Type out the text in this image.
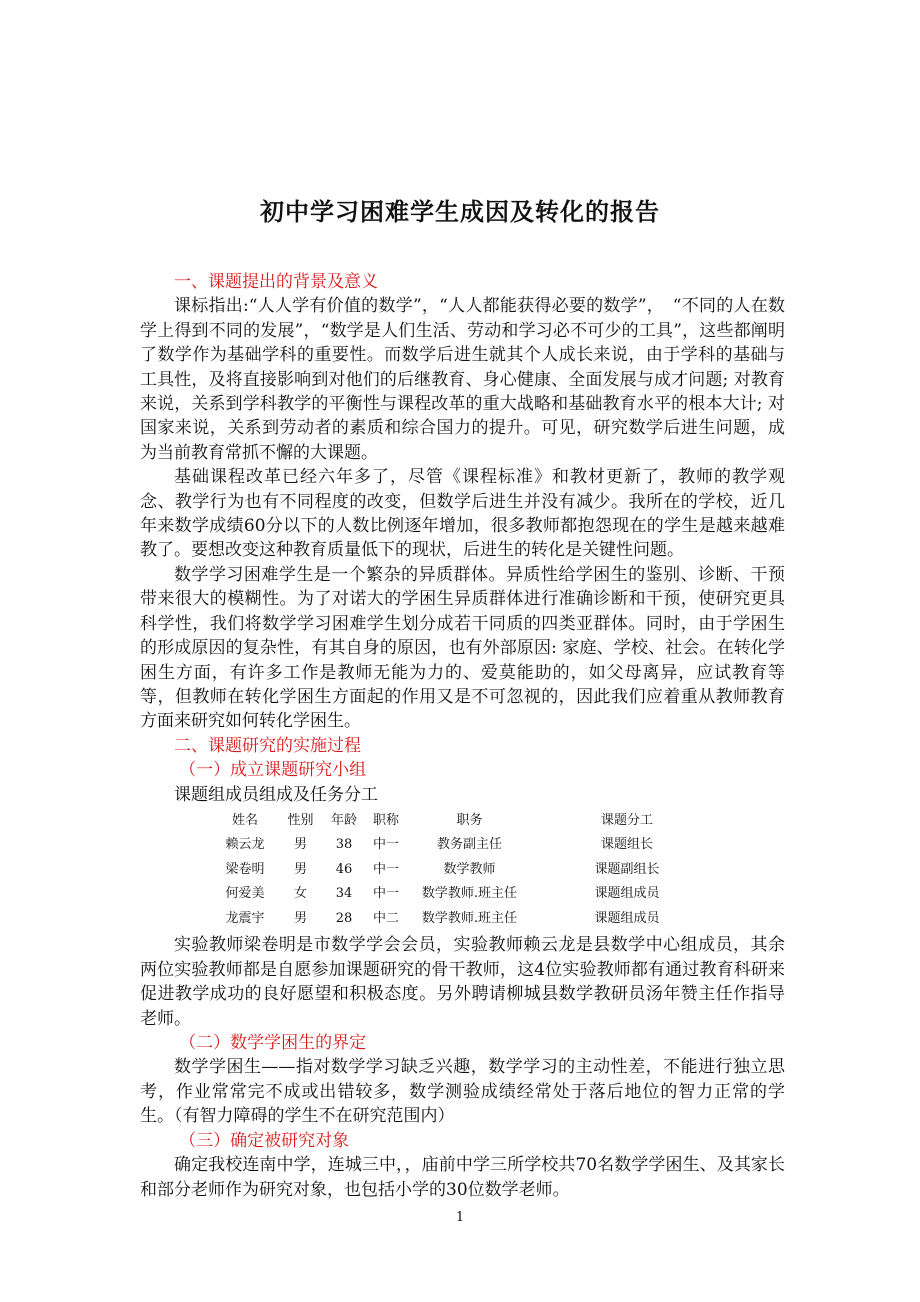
初中学习困难学生成因及转化的报告

一、课题提出的背景及意义

课标指出:“人人学有价值的数学”，“人人都能获得必要的数学”，　“不同的人在数学上得到不同的发展”，“数学是人们生活、劳动和学习必不可少的工具”，这些都阐明了数学作为基础学科的重要性。而数学后进生就其个人成长来说，由于学科的基础与工具性，及将直接影响到对他们的后继教育、身心健康、全面发展与成才问题; 对教育来说，关系到学科教学的平衡性与课程改革的重大战略和基础教育水平的根本大计; 对国家来说，关系到劳动者的素质和综合国力的提升。可见，研究数学后进生问题，成为当前教育常抓不懈的大课题。

基础课程改革已经六年多了，尽管《课程标准》和教材更新了，教师的教学观念、教学行为也有不同程度的改变，但数学后进生并没有减少。我所在的学校，近几年来数学成绩60分以下的人数比例逐年增加，很多教师都抱怨现在的学生是越来越难教了。要想改变这种教育质量低下的现状，后进生的转化是关键性问题。

数学学习困难学生是一个繁杂的异质群体。异质性给学困生的鉴别、诊断、干预带来很大的模糊性。为了对诺大的学困生异质群体进行准确诊断和干预，使研究更具科学性，我们将数学学习困难学生划分成若干同质的四类亚群体。同时，由于学困生的形成原因的复杂性，有其自身的原因，也有外部原因: 家庭、学校、社会。在转化学困生方面，有许多工作是教师无能为力的、爱莫能助的，如父母离异，应试教育等等，但教师在转化学困生方面起的作用又是不可忽视的，因此我们应着重从教师教育方面来研究如何转化学困生。

二、课题研究的实施过程

（一）成立课题研究小组

课题组成员组成及任务分工

姓名	性别	年龄	职称	职务	课题分工
赖云龙	男	38	中一	教务副主任	课题组长
梁卷明	男	46	中一	数学教师	课题副组长
何爱美	女	34	中一	数学教师.班主任	课题组成员
龙震宇	男	28	中二	数学教师.班主任	课题组成员

实验教师梁卷明是市数学学会会员，实验教师赖云龙是县数学中心组成员，其余两位实验教师都是自愿参加课题研究的骨干教师，这4位实验教师都有通过教育科研来促进教学成功的良好愿望和积极态度。另外聘请柳城县数学教研员汤年赞主任作指导老师。

（二）数学学困生的界定

数学学困生——指对数学学习缺乏兴趣，数学学习的主动性差，不能进行独立思考，作业常常完不成或出错较多，数学测验成绩经常处于落后地位的智力正常的学生。（有智力障碍的学生不在研究范围内）

（三）确定被研究对象

确定我校连南中学，连城三中，，庙前中学三所学校共70名数学学困生、及其家长和部分老师作为研究对象，也包括小学的30位数学老师。

1
